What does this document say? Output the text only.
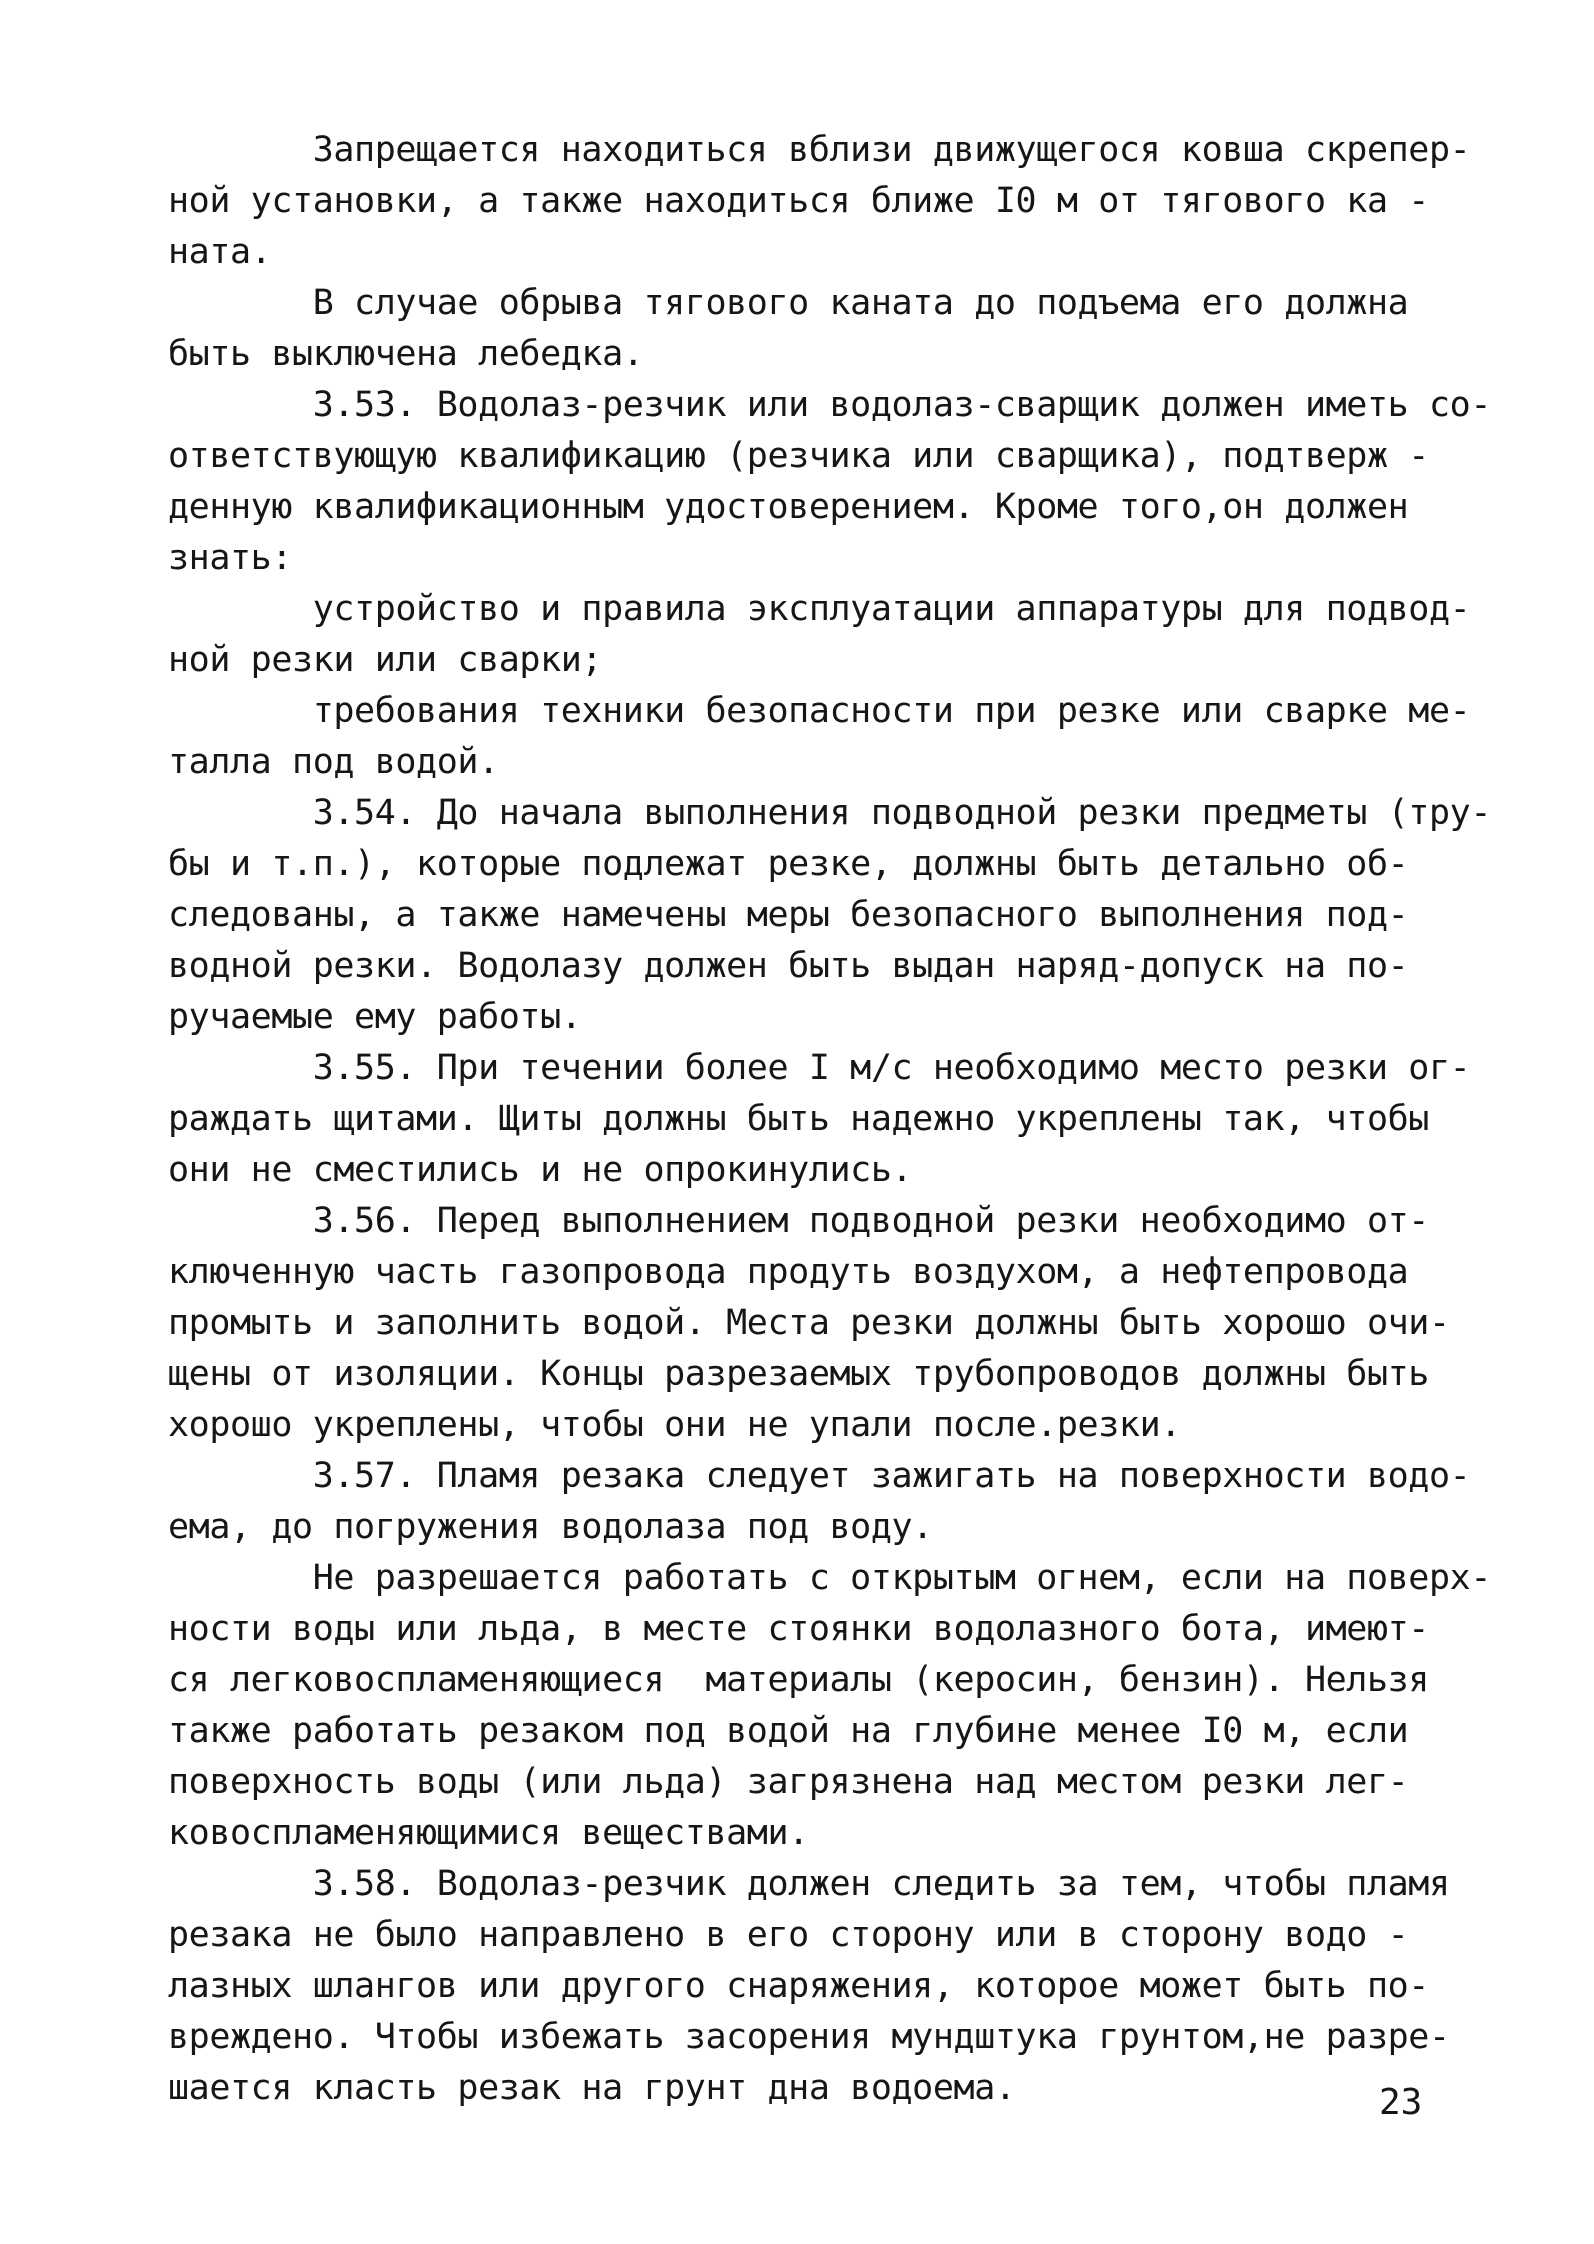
Запрещается находиться вблизи движущегося ковша скрепер-
ной установки, а также находиться ближе I0 м от тягового ка -
ната.
В случае обрыва тягового каната до подъема его должна
быть выключена лебедка.
3.53. Водолаз-резчик или водолаз-сварщик должен иметь со-
ответствующую квалификацию (резчика или сварщика), подтверж -
денную квалификационным удостоверением. Кроме того,он должен
знать:
устройство и правила эксплуатации аппаратуры для подвод-
ной резки или сварки;
требования техники безопасности при резке или сварке ме-
талла под водой.
3.54. До начала выполнения подводной резки предметы (тру-
бы и т.п.), которые подлежат резке, должны быть детально об-
следованы, а также намечены меры безопасного выполнения под-
водной резки. Водолазу должен быть выдан наряд-допуск на по-
ручаемые ему работы.
3.55. При течении более I м/с необходимо место резки ог-
раждать щитами. Щиты должны быть надежно укреплены так, чтобы
они не сместились и не опрокинулись.
3.56. Перед выполнением подводной резки необходимо от-
ключенную часть газопровода продуть воздухом, а нефтепровода
промыть и заполнить водой. Места резки должны быть хорошо очи-
щены от изоляции. Концы разрезаемых трубопроводов должны быть
хорошо укреплены, чтобы они не упали после.резки.
3.57. Пламя резака следует зажигать на поверхности водо-
ема, до погружения водолаза под воду.
Не разрешается работать с открытым огнем, если на поверх-
ности воды или льда, в месте стоянки водолазного бота, имеют-
ся легковоспламеняющиеся  материалы (керосин, бензин). Нельзя
также работать резаком под водой на глубине менее I0 м, если
поверхность воды (или льда) загрязнена над местом резки лег-
ковоспламеняющимися веществами.
3.58. Водолаз-резчик должен следить за тем, чтобы пламя
резака не было направлено в его сторону или в сторону водо -
лазных шлангов или другого снаряжения, которое может быть по-
вреждено. Чтобы избежать засорения мундштука грунтом,не разре-
шается класть резак на грунт дна водоема.	23
